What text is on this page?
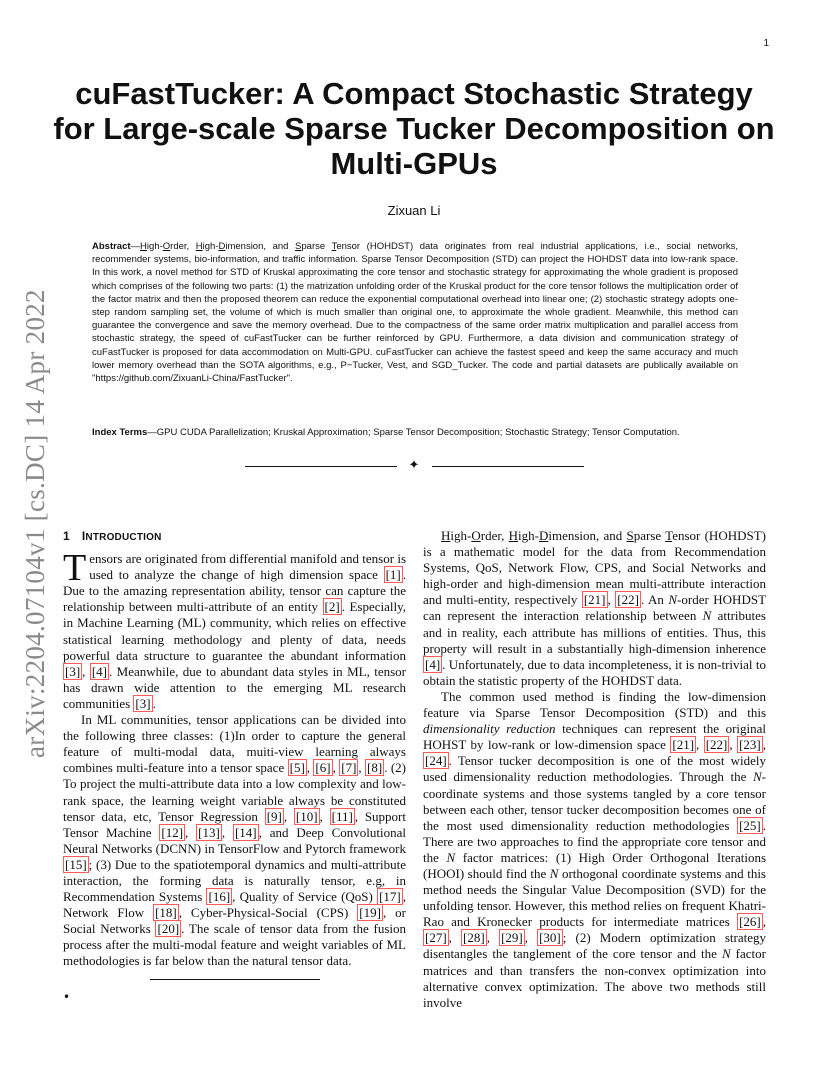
1
arXiv:2204.07104v1 [cs.DC] 14 Apr 2022
cuFastTucker: A Compact Stochastic Strategy
for Large-scale Sparse Tucker Decomposition on
Multi-GPUs
Zixuan Li
Abstract—High-Order, High-Dimension, and Sparse Tensor (HOHDST) data originates from real industrial applications, i.e., social networks, recommender systems, bio-information, and traffic information. Sparse Tensor Decomposition (STD) can project the HOHDST data into low-rank space. In this work, a novel method for STD of Kruskal approximating the core tensor and stochastic strategy for approximating the whole gradient is proposed which comprises of the following two parts: (1) the matrization unfolding order of the Kruskal product for the core tensor follows the multiplication order of the factor matrix and then the proposed theorem can reduce the exponential computational overhead into linear one; (2) stochastic strategy adopts one-step random sampling set, the volume of which is much smaller than original one, to approximate the whole gradient. Meanwhile, this method can guarantee the convergence and save the memory overhead. Due to the compactness of the same order matrix multiplication and parallel access from stochastic strategy, the speed of cuFastTucker can be further reinforced by GPU. Furthermore, a data division and communication strategy of cuFastTucker is proposed for data accommodation on Multi-GPU. cuFastTucker can achieve the fastest speed and keep the same accuracy and much lower memory overhead than the SOTA algorithms, e.g., P−Tucker, Vest, and SGD_Tucker. The code and partial datasets are publically available on "https://github.com/ZixuanLi-China/FastTucker".
Index Terms—GPU CUDA Parallelization; Kruskal Approximation; Sparse Tensor Decomposition; Stochastic Strategy; Tensor Computation.
✦
1 INTRODUCTION

Tensors are originated from differential manifold and tensor is used to analyze the change of high dimension space [1] . Due to the amazing representation ability, tensor can capture the relationship between multi-attribute of an entity [2] . Especially, in Machine Learning (ML) community, which relies on effective statistical learning methodology and plenty of data, needs powerful data structure to guarantee the abundant information [3] , [4] . Meanwhile, due to abundant data styles in ML, tensor has drawn wide attention to the emerging ML research communities [3] .

In ML communities, tensor applications can be divided into the following three classes: (1)In order to capture the general feature of multi-modal data, muiti-view learning always combines multi-feature into a tensor space [5] , [6] , [7] , [8] . (2) To project the multi-attribute data into a low complexity and low-rank space, the learning weight variable always be constituted tensor data, etc, Tensor Regression [9] , [10] , [11] , Support Tensor Machine [12] , [13] , [14] , and Deep Convolutional Neural Networks (DCNN) in TensorFlow and Pytorch framework [15] ; (3) Due to the spatiotemporal dynamics and multi-attribute interaction, the forming data is naturally tensor, e.g, in Recommendation Systems [16] , Quality of Service (QoS) [17] , Network Flow [18] , Cyber-Physical-Social (CPS) [19] , or Social Networks [20] . The scale of tensor data from the fusion process after the multi-modal feature and weight variables of ML methodologies is far below than the natural tensor data.

•

High-Order, High-Dimension, and Sparse Tensor (HOHDST) is a mathematic model for the data from Recommendation Systems, QoS, Network Flow, CPS, and Social Networks and high-order and high-dimension mean multi-attribute interaction and multi-entity, respectively [21] , [22] . An N-order HOHDST can represent the interaction relationship between N attributes and in reality, each attribute has millions of entities. Thus, this property will result in a substantially high-dimension inherence [4] . Unfortunately, due to data incompleteness, it is non-trivial to obtain the statistic property of the HOHDST data.

The common used method is finding the low-dimension feature via Sparse Tensor Decomposition (STD) and this dimensionality reduction techniques can represent the original HOHST by low-rank or low-dimension space [21] , [22] , [23] , [24] . Tensor tucker decomposition is one of the most widely used dimensionality reduction methodologies. Through the N-coordinate systems and those systems tangled by a core tensor between each other, tensor tucker decomposition becomes one of the most used dimensionality reduction methodologies [25] . There are two approaches to find the appropriate core tensor and the N factor matrices: (1) High Order Orthogonal Iterations (HOOI) should find the N orthogonal coordinate systems and this method needs the Singular Value Decomposition (SVD) for the unfolding tensor. However, this method relies on frequent Khatri-Rao and Kronecker products for intermediate matrices [26] , [27] , [28] , [29] , [30] ; (2) Modern optimization strategy disentangles the tanglement of the core tensor and the N factor matrices and than transfers the non-convex optimization into alternative convex optimization. The above two methods still involve
